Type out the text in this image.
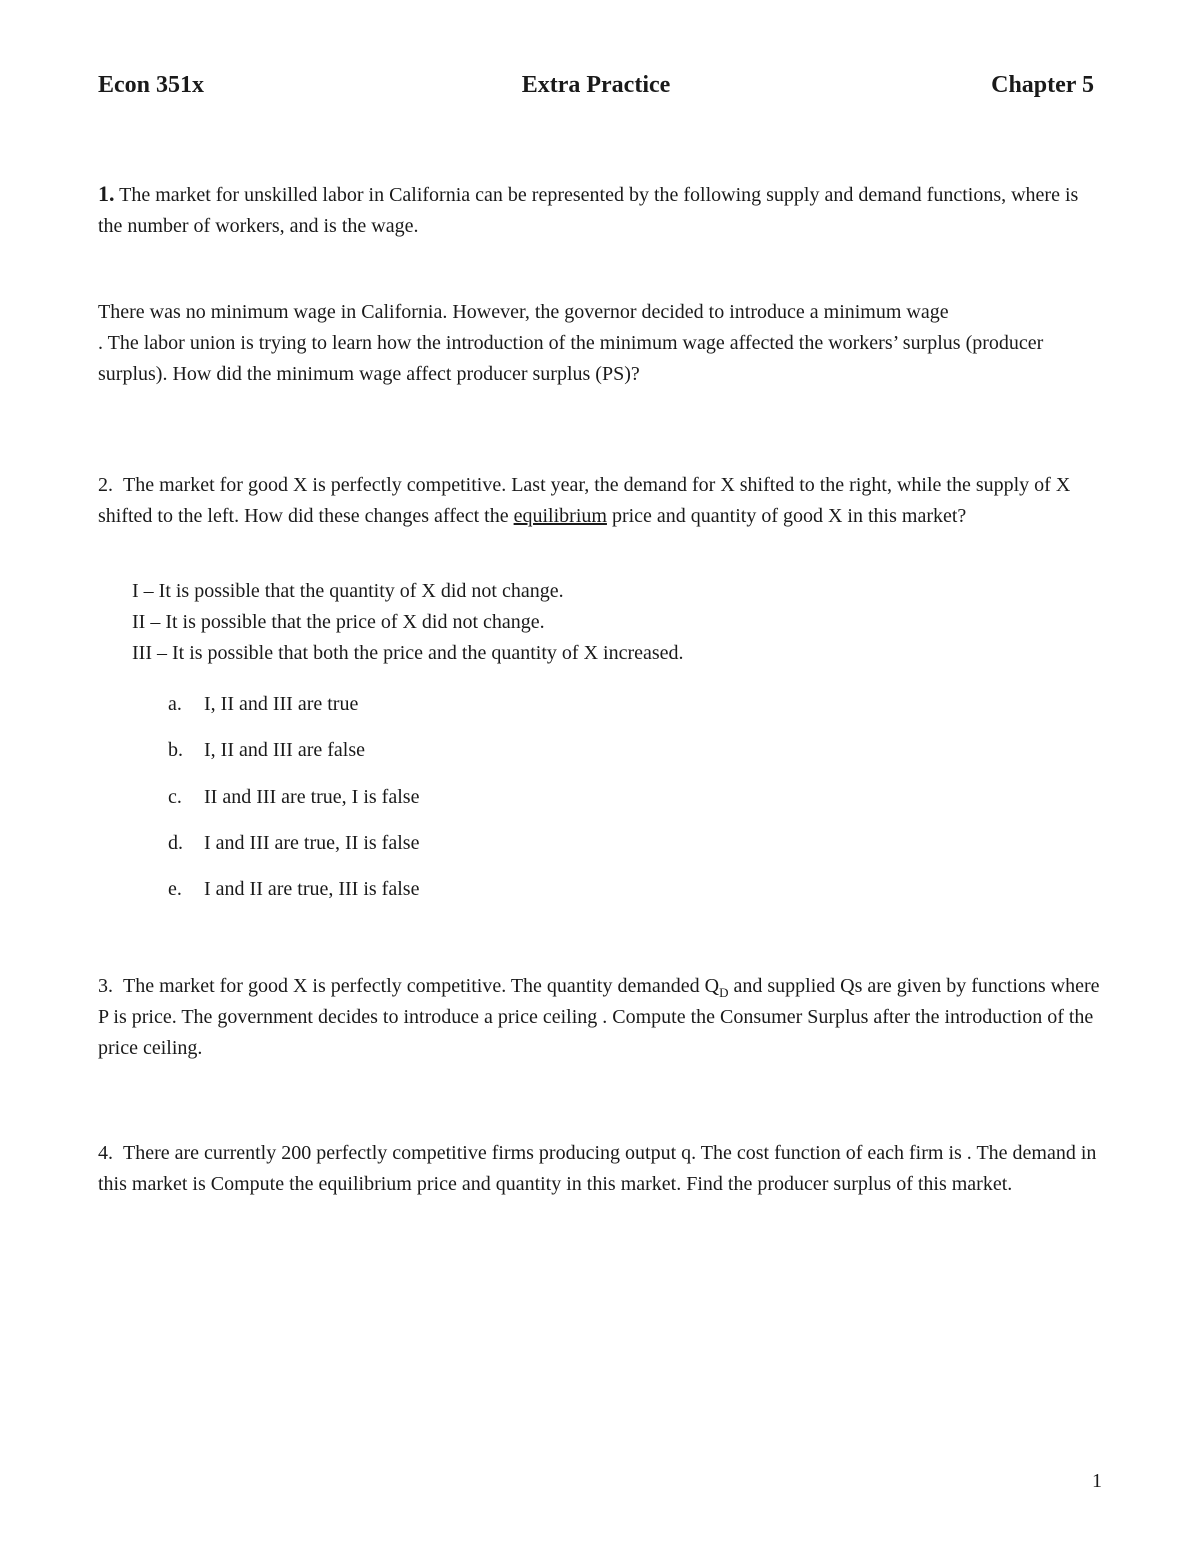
Econ 351x	Extra Practice	Chapter 5
1. The market for unskilled labor in California can be represented by the following supply and demand functions, where is the number of workers, and is the wage.
There was no minimum wage in California. However, the governor decided to introduce a minimum wage
. The labor union is trying to learn how the introduction of the minimum wage affected the workers’ surplus (producer surplus). How did the minimum wage affect producer surplus (PS)?
2. The market for good X is perfectly competitive. Last year, the demand for X shifted to the right, while the supply of X shifted to the left. How did these changes affect the equilibrium price and quantity of good X in this market?
I – It is possible that the quantity of X did not change.
II – It is possible that the price of X did not change.
III – It is possible that both the price and the quantity of X increased.
a. I, II and III are true
b. I, II and III are false
c. II and III are true, I is false
d. I and III are true, II is false
e. I and II are true, III is false
3. The market for good X is perfectly competitive. The quantity demanded $Q_D$ and supplied Qs are given by functions where P is price. The government decides to introduce a price ceiling . Compute the Consumer Surplus after the introduction of the price ceiling.
4. There are currently 200 perfectly competitive firms producing output q. The cost function of each firm is . The demand in this market is Compute the equilibrium price and quantity in this market. Find the producer surplus of this market.
1
